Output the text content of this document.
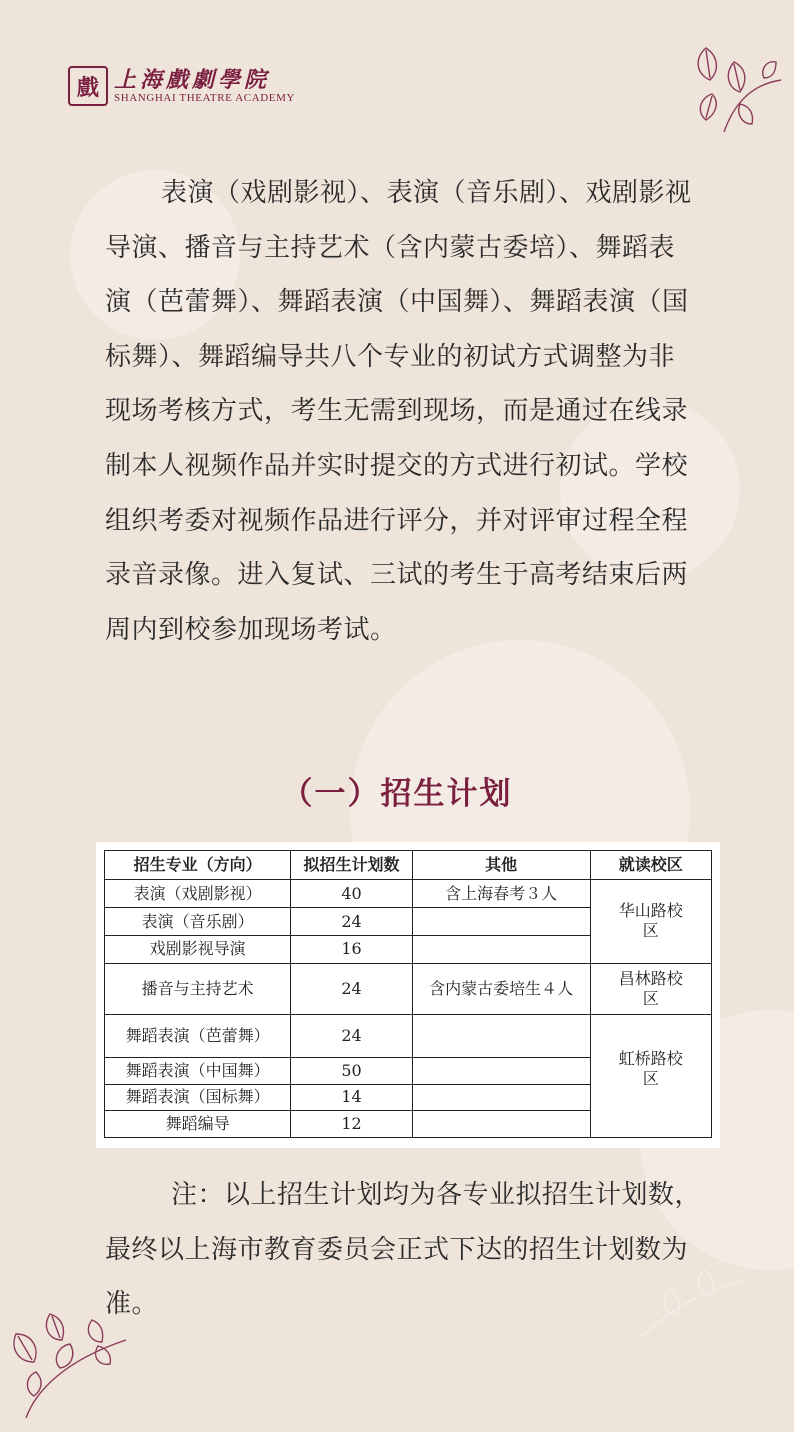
戲 上海戲劇學院
SHANGHAI THEATRE ACADEMY

表演（戏剧影视）、表演（音乐剧）、戏剧影视导演、播音与主持艺术（含内蒙古委培）、舞蹈表演（芭蕾舞）、舞蹈表演（中国舞）、舞蹈表演（国标舞）、舞蹈编导共八个专业的初试方式调整为非现场考核方式，考生无需到现场，而是通过在线录制本人视频作品并实时提交的方式进行初试。学校组织考委对视频作品进行评分，并对评审过程全程录音录像。进入复试、三试的考生于高考结束后两周内到校参加现场考试。

（一）招生计划
招生专业（方向）	拟招生计划数	其他	就读校区
表演（戏剧影视）	40	含上海春考３人	华山路校区
表演（音乐剧）	24		
戏剧影视导演	16		
播音与主持艺术	24	含内蒙古委培生４人	昌林路校区
舞蹈表演（芭蕾舞）	24		虹桥路校区
舞蹈表演（中国舞）	50		
舞蹈表演（国标舞）	14		
舞蹈编导	12		

注：以上招生计划均为各专业拟招生计划数，最终以上海市教育委员会正式下达的招生计划数为准。
